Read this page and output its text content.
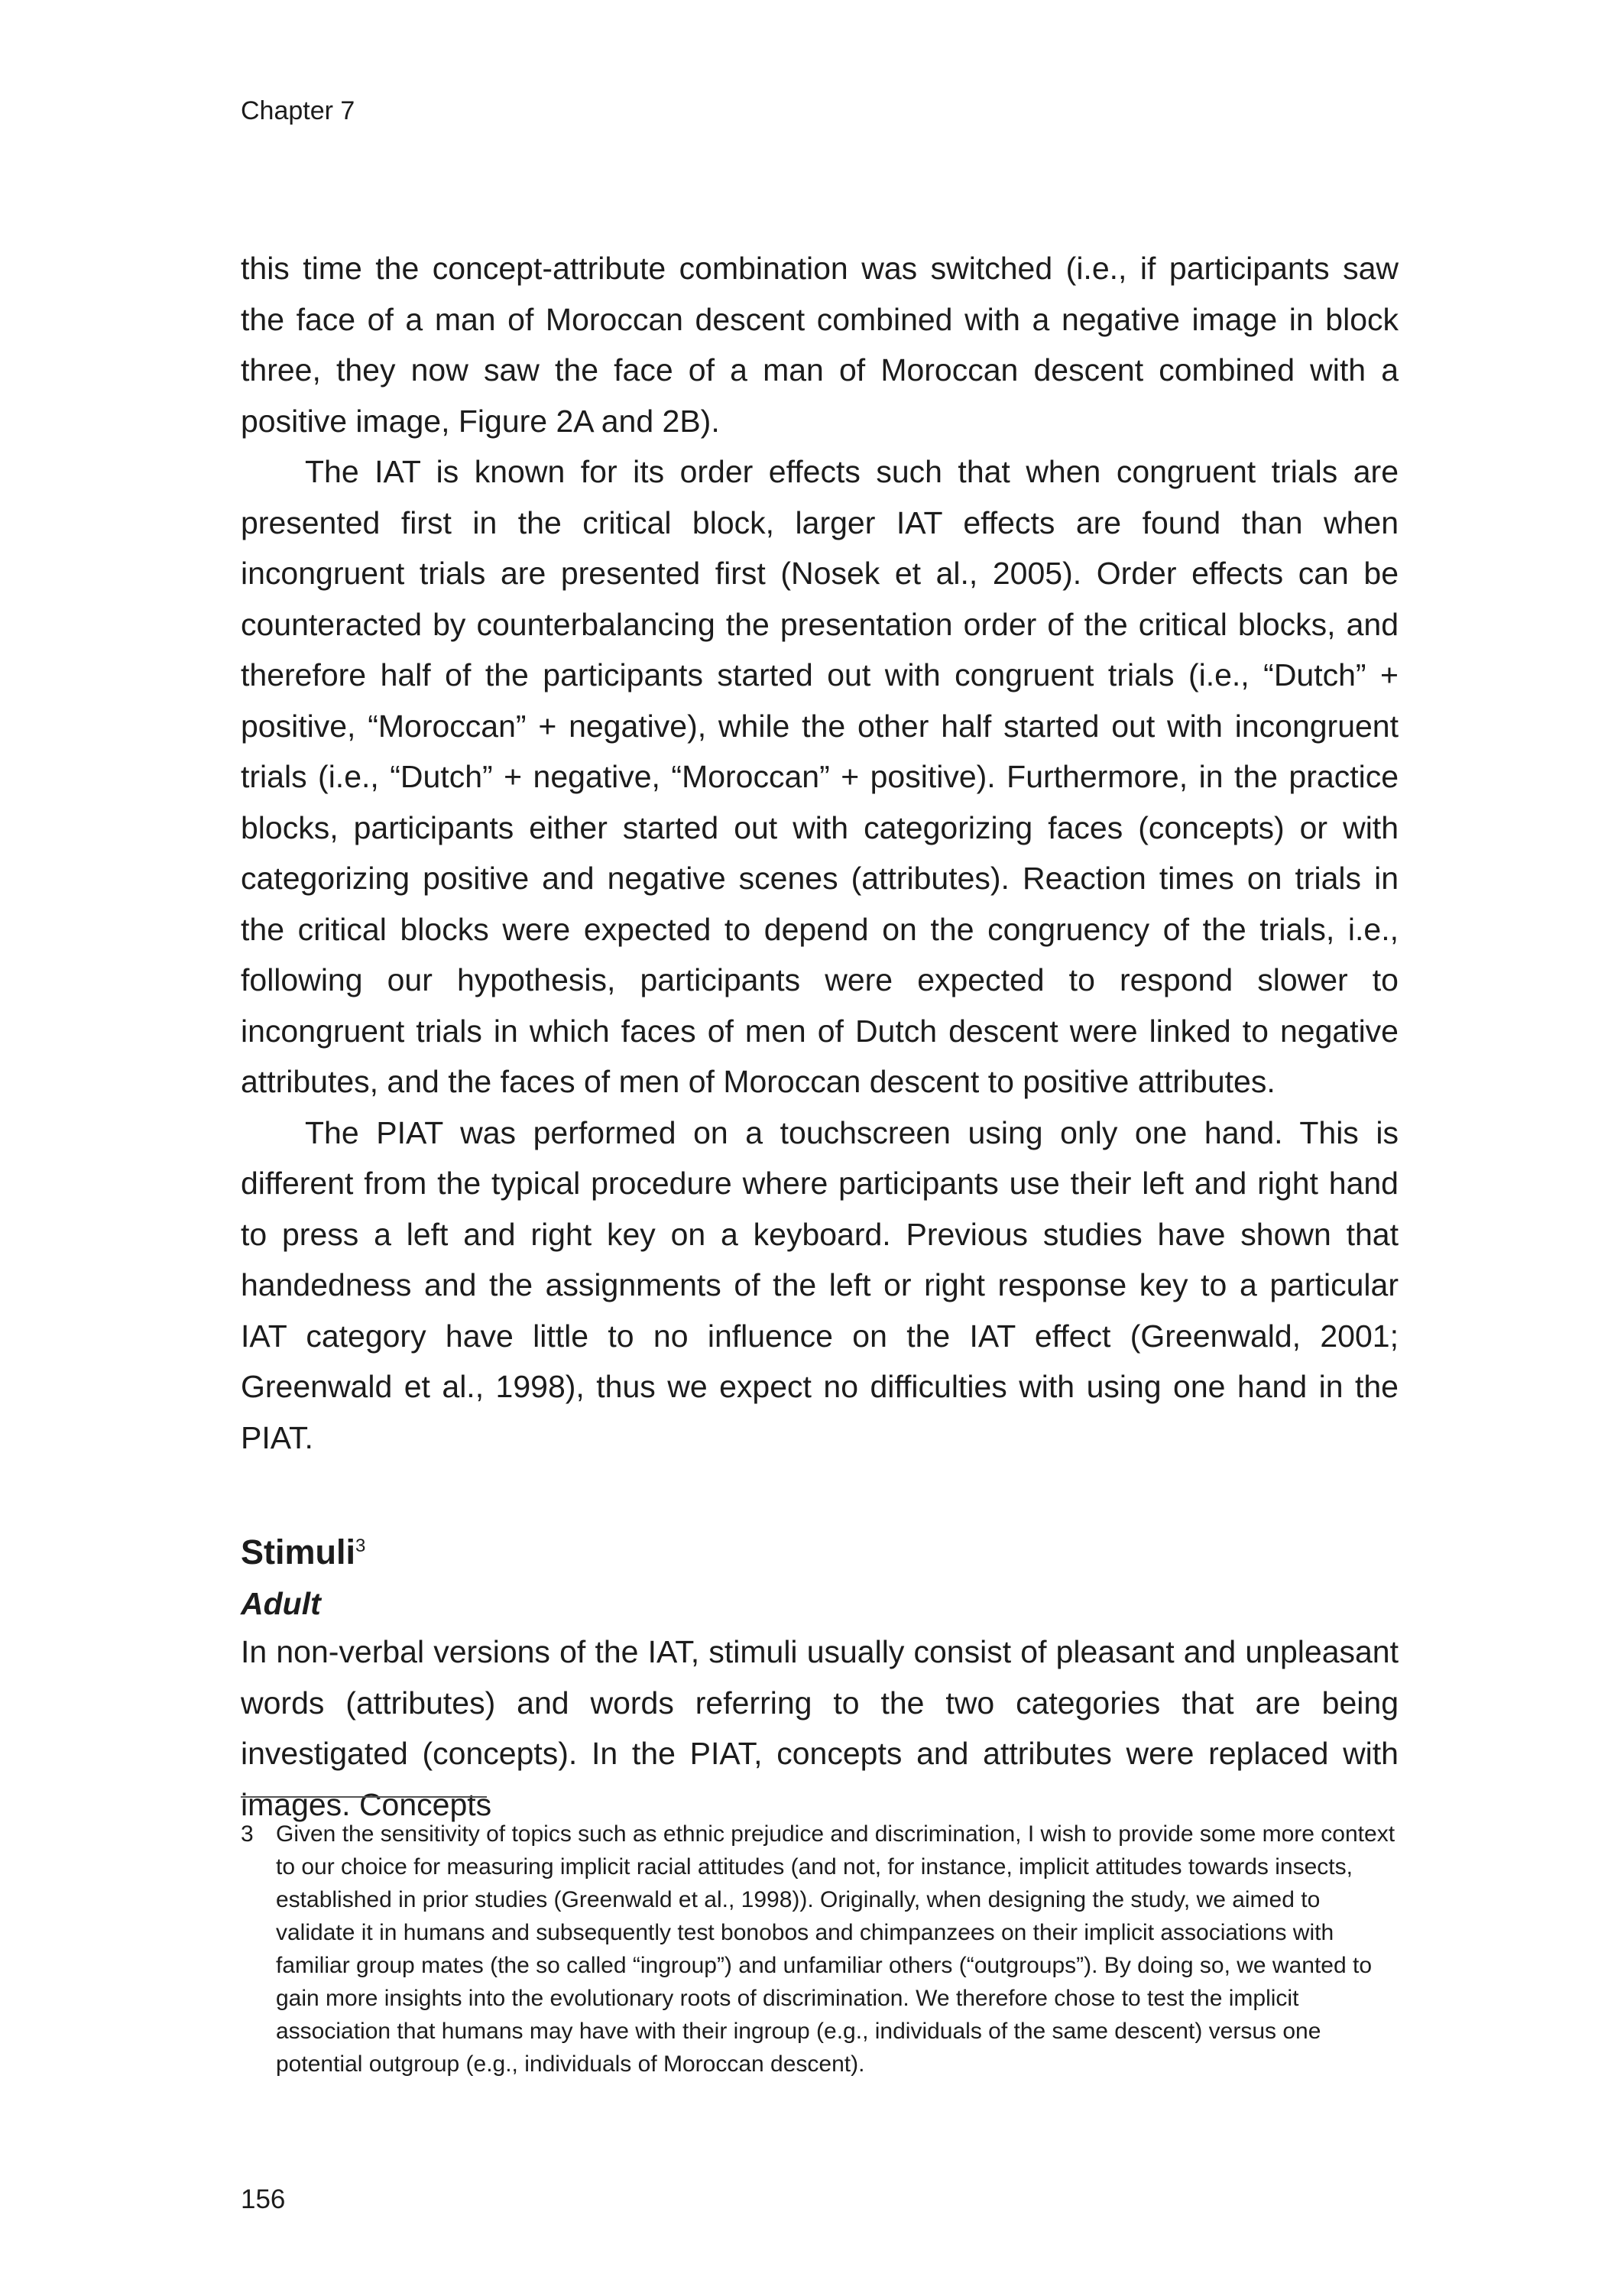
Chapter 7

this time the concept-attribute combination was switched (i.e., if participants saw the face of a man of Moroccan descent combined with a negative image in block three, they now saw the face of a man of Moroccan descent combined with a positive image, Figure 2A and 2B).

The IAT is known for its order effects such that when congruent trials are presented first in the critical block, larger IAT effects are found than when incongruent trials are presented first (Nosek et al., 2005). Order effects can be counteracted by counterbalancing the presentation order of the critical blocks, and therefore half of the participants started out with congruent trials (i.e., “Dutch” + positive, “Moroccan” + negative), while the other half started out with incongruent trials (i.e., “Dutch” + negative, “Moroccan” + positive). Furthermore, in the practice blocks, participants either started out with categorizing faces (concepts) or with categorizing positive and negative scenes (attributes). Reaction times on trials in the critical blocks were expected to depend on the congruency of the trials, i.e., following our hypothesis, participants were expected to respond slower to incongruent trials in which faces of men of Dutch descent were linked to negative attributes, and the faces of men of Moroccan descent to positive attributes.

The PIAT was performed on a touchscreen using only one hand. This is different from the typical procedure where participants use their left and right hand to press a left and right key on a keyboard. Previous studies have shown that handedness and the assignments of the left or right response key to a particular IAT category have little to no influence on the IAT effect (Greenwald, 2001; Greenwald et al., 1998), thus we expect no difficulties with using one hand in the PIAT.

Stimuli$^3$
Adult

In non-verbal versions of the IAT, stimuli usually consist of pleasant and unpleasant words (attributes) and words referring to the two categories that are being investigated (concepts). In the PIAT, concepts and attributes were replaced with images. Concepts

3 Given the sensitivity of topics such as ethnic prejudice and discrimination, I wish to provide some more context to our choice for measuring implicit racial attitudes (and not, for instance, implicit attitudes towards insects, established in prior studies (Greenwald et al., 1998)). Originally, when designing the study, we aimed to validate it in humans and subsequently test bonobos and chimpanzees on their implicit associations with familiar group mates (the so called “ingroup”) and unfamiliar others (“outgroups”). By doing so, we wanted to gain more insights into the evolutionary roots of discrimination. We therefore chose to test the implicit association that humans may have with their ingroup (e.g., individuals of the same descent) versus one potential outgroup (e.g., individuals of Moroccan descent).

156
